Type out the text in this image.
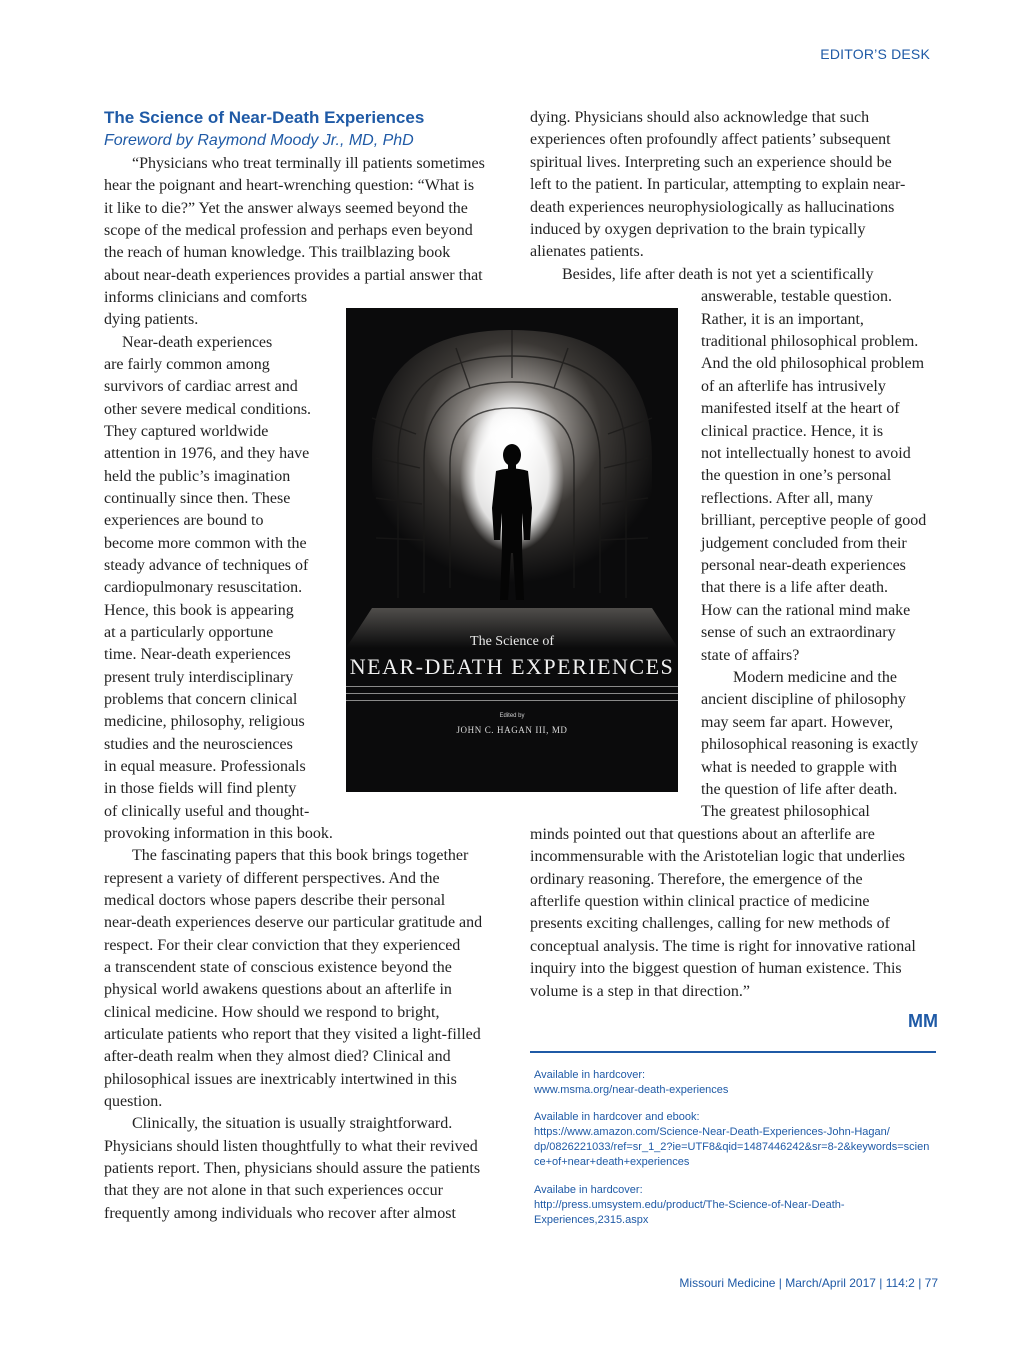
EDITOR’S DESK
The Science of Near-Death Experiences
Foreword by Raymond Moody Jr., MD, PhD
“Physicians who treat terminally ill patients sometimes
hear the poignant and heart-wrenching question: “What is
it like to die?” Yet the answer always seemed beyond the
scope of the medical profession and perhaps even beyond
the reach of human knowledge. This trailblazing book
about near-death experiences provides a partial answer that
informs clinicians and comforts
dying patients.
Near-death experiences
are fairly common among
survivors of cardiac arrest and
other severe medical conditions.
They captured worldwide
attention in 1976, and they have
held the public’s imagination
continually since then. These
experiences are bound to
become more common with the
steady advance of techniques of
cardiopulmonary resuscitation.
Hence, this book is appearing
at a particularly opportune
time. Near-death experiences
present truly interdisciplinary
problems that concern clinical
medicine, philosophy, religious
studies and the neurosciences
in equal measure. Professionals
in those fields will find plenty
of clinically useful and thought-
provoking information in this book.
The fascinating papers that this book brings together
represent a variety of different perspectives. And the
medical doctors whose papers describe their personal
near-death experiences deserve our particular gratitude and
respect. For their clear conviction that they experienced
a transcendent state of conscious existence beyond the
physical world awakens questions about an afterlife in
clinical medicine. How should we respond to bright,
articulate patients who report that they visited a light-filled
after-death realm when they almost died? Clinical and
philosophical issues are inextricably intertwined in this
question.
Clinically, the situation is usually straightforward.
Physicians should listen thoughtfully to what their revived
patients report. Then, physicians should assure the patients
that they are not alone in that such experiences occur
frequently among individuals who recover after almost
dying. Physicians should also acknowledge that such
experiences often profoundly affect patients’ subsequent
spiritual lives. Interpreting such an experience should be
left to the patient. In particular, attempting to explain near-
death experiences neurophysiologically as hallucinations
induced by oxygen deprivation to the brain typically
alienates patients.
Besides, life after death is not yet a scientifically
answerable, testable question.
Rather, it is an important,
traditional philosophical problem.
And the old philosophical problem
of an afterlife has intrusively
manifested itself at the heart of
clinical practice. Hence, it is
not intellectually honest to avoid
the question in one’s personal
reflections. After all, many
brilliant, perceptive people of good
judgement concluded from their
personal near-death experiences
that there is a life after death.
How can the rational mind make
sense of such an extraordinary
state of affairs?
Modern medicine and the
ancient discipline of philosophy
may seem far apart. However,
philosophical reasoning is exactly
what is needed to grapple with
the question of life after death.
The greatest philosophical
minds pointed out that questions about an afterlife are
incommensurable with the Aristotelian logic that underlies
ordinary reasoning. Therefore, the emergence of the
afterlife question within clinical practice of medicine
presents exciting challenges, calling for new methods of
conceptual analysis. The time is right for innovative rational
inquiry into the biggest question of human existence. This
volume is a step in that direction.”
The Science of
NEAR-DEATH EXPERIENCES
Edited by
JOHN C. HAGAN III, MD
MM
Available in hardcover:
www.msma.org/near-death-experiences
Available in hardcover and ebook:
https://www.amazon.com/Science-Near-Death-Experiences-John-Hagan/
dp/0826221033/ref=sr_1_2?ie=UTF8&qid=1487446242&sr=8-2&keywords=scien
ce+of+near+death+experiences
Availabe in hardcover:
http://press.umsystem.edu/product/The-Science-of-Near-Death-
Experiences,2315.aspx
Missouri Medicine | March/April 2017 | 114:2 | 77
